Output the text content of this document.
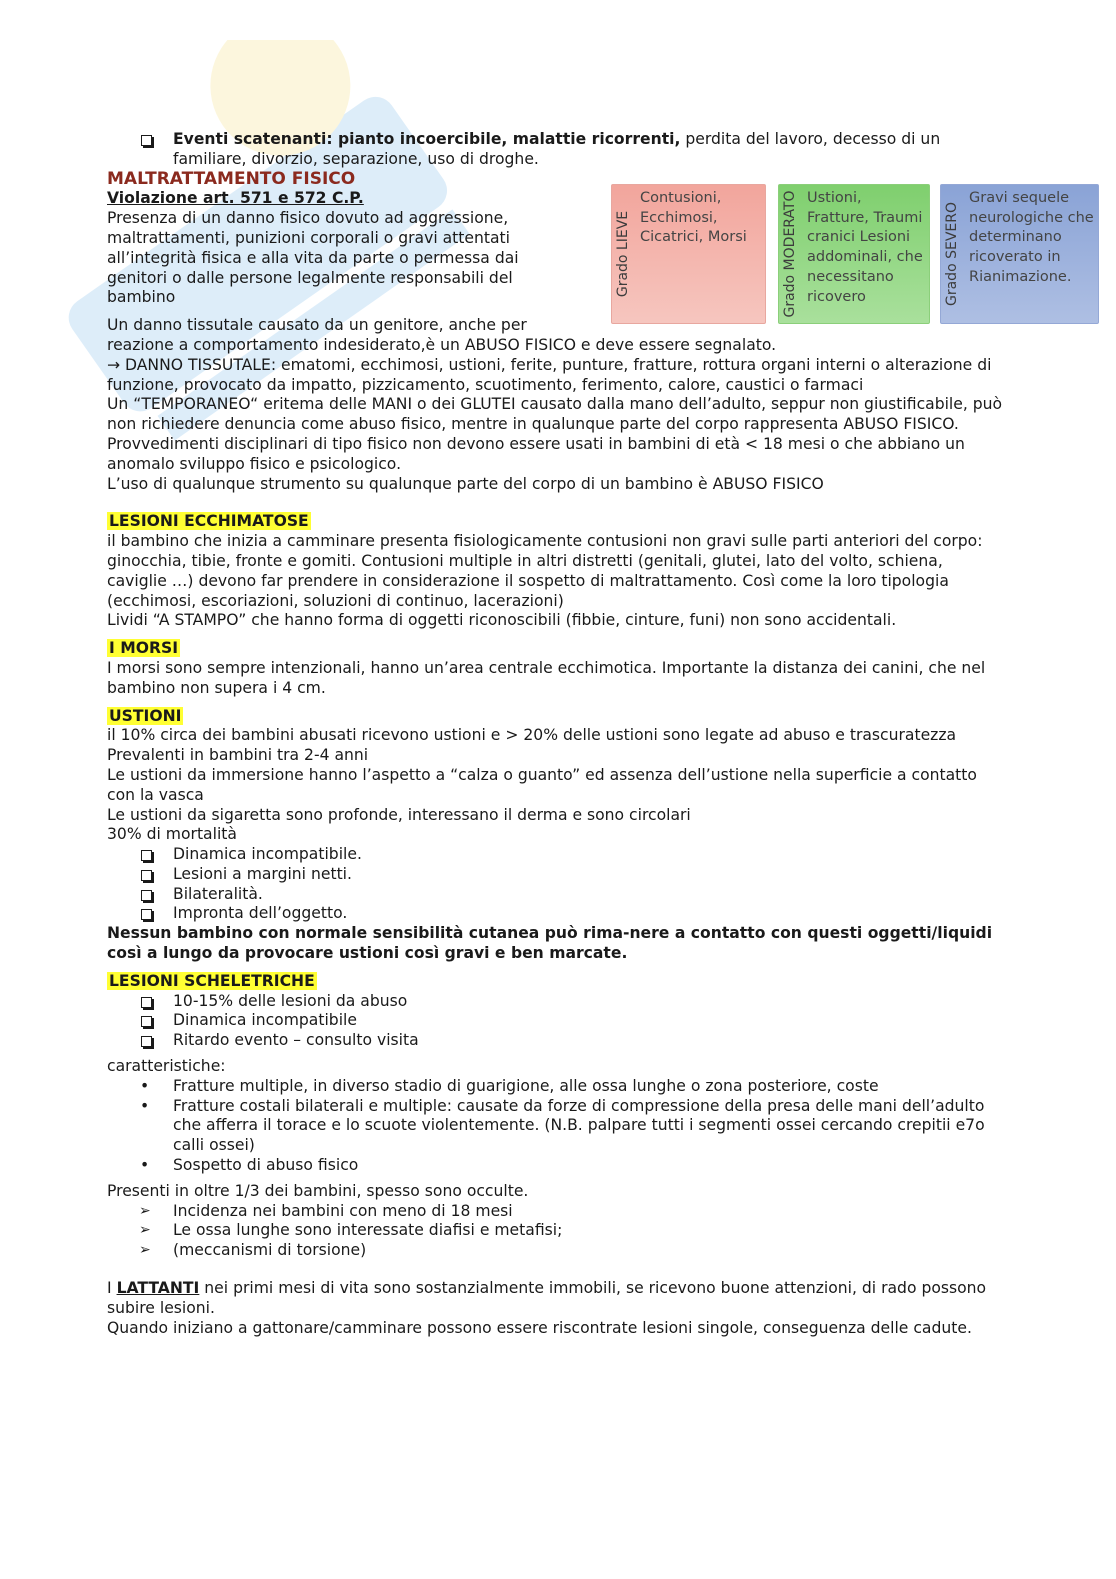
Grado LIEVE
Contusioni, Ecchimosi, Cicatrici, Morsi	Grado MODERATO Ustioni, Fratture, Traumi cranici Lesioni addominali, che necessitano ricovero	Grado SEVERO
Gravi sequele neurologiche che determinano ricoverato in Rianimazione.

Eventi scatenanti: pianto incoercibile, malattie ricorrenti, perdita del lavoro, decesso di un familiare, divorzio, separazione, uso di droghe.

MALTRATTAMENTO FISICO

Violazione art. 571 e 572 C.P.

Presenza di un danno fisico dovuto ad aggressione, maltrattamenti, punizioni corporali o gravi attentati all’integrità fisica e alla vita da parte o permessa dai genitori o dalle persone legalmente responsabili del bambino

Un danno tissutale causato da un genitore, anche per

reazione a comportamento indesiderato,è un ABUSO FISICO e deve essere segnalato.

→ DANNO TISSUTALE: ematomi, ecchimosi, ustioni, ferite, punture, fratture, rottura organi interni o alterazione di funzione, provocato da impatto, pizzicamento, scuotimento, ferimento, calore, caustici o farmaci

Un “TEMPORANEO“ eritema delle MANI o dei GLUTEI causato dalla mano dell’adulto, seppur non giustificabile, può non richiedere denuncia come abuso fisico, mentre in qualunque parte del corpo rappresenta ABUSO FISICO.

Provvedimenti disciplinari di tipo fisico non devono essere usati in bambini di età < 18 mesi o che abbiano un anomalo sviluppo fisico e psicologico.

L’uso di qualunque strumento su qualunque parte del corpo di un bambino è ABUSO FISICO

LESIONI ECCHIMATOSE

il bambino che inizia a camminare presenta fisiologicamente contusioni non gravi sulle parti anteriori del corpo: ginocchia, tibie, fronte e gomiti. Contusioni multiple in altri distretti (genitali, glutei, lato del volto, schiena, caviglie …) devono far prendere in considerazione il sospetto di maltrattamento. Così come la loro tipologia (ecchimosi, escoriazioni, soluzioni di continuo, lacerazioni)

Lividi “A STAMPO” che hanno forma di oggetti riconoscibili (fibbie, cinture, funi) non sono accidentali.

I MORSI

I morsi sono sempre intenzionali, hanno un’area centrale ecchimotica. Importante la distanza dei canini, che nel bambino non supera i 4 cm.

USTIONI

il 10% circa dei bambini abusati ricevono ustioni e > 20% delle ustioni sono legate ad abuso e trascuratezza

Prevalenti in bambini tra 2-4 anni

Le ustioni da immersione hanno l’aspetto a “calza o guanto” ed assenza dell’ustione nella superficie a contatto con la vasca

Le ustioni da sigaretta sono profonde, interessano il derma e sono circolari

30% di mortalità

Dinamica incompatibile.

Lesioni a margini netti.

Bilateralità.

Impronta dell’oggetto.

Nessun bambino con normale sensibilità cutanea può rima-nere a contatto con questi oggetti/liquidi così a lungo da provocare ustioni così gravi e ben marcate.

LESIONI SCHELETRICHE

10-15% delle lesioni da abuso

Dinamica incompatibile

Ritardo evento – consulto visita

caratteristiche:

• Fratture multiple, in diverso stadio di guarigione, alle ossa lunghe o zona posteriore, coste

• Fratture costali bilaterali e multiple: causate da forze di compressione della presa delle mani dell’adulto che afferra il torace e lo scuote violentemente. (N.B. palpare tutti i segmenti ossei cercando crepitii e7o calli ossei)

• Sospetto di abuso fisico

Presenti in oltre 1/3 dei bambini, spesso sono occulte.

➢ Incidenza nei bambini con meno di 18 mesi

➢ Le ossa lunghe sono interessate diafisi e metafisi;

➢ (meccanismi di torsione)

I LATTANTI nei primi mesi di vita sono sostanzialmente immobili, se ricevono buone attenzioni, di rado possono subire lesioni.

Quando iniziano a gattonare/camminare possono essere riscontrate lesioni singole, conseguenza delle cadute.
